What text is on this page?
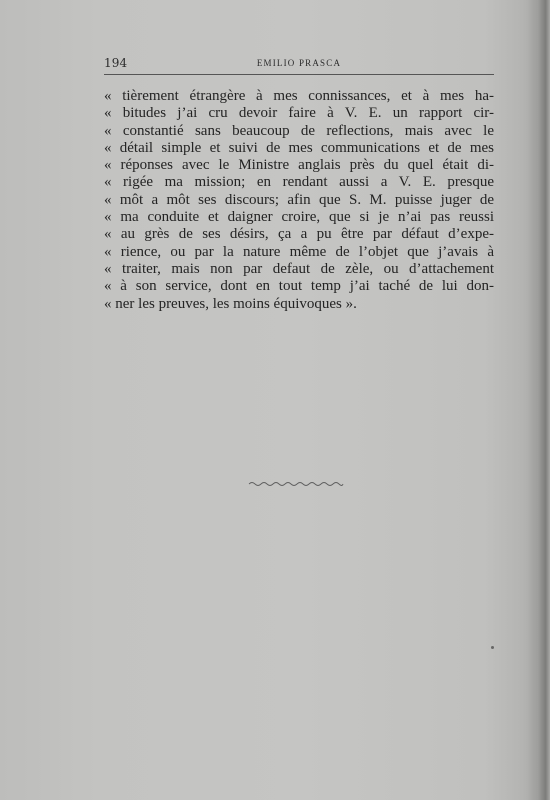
194	EMILIO PRASCA
« tièrement étrangère à mes connissances, et à mes ha-
« bitudes j’ai cru devoir faire à V. E. un rapport cir-
« constantié sans beaucoup de reflections, mais avec le
« détail simple et suivi de mes communications et de mes
« réponses avec le Ministre anglais près du quel était di-
« rigée ma mission; en rendant aussi a V. E. presque
« môt a môt ses discours; afin que S. M. puisse juger de
« ma conduite et daigner croire, que si je n’ai pas reussi
« au grès de ses désirs, ça a pu être par défaut d’expe-
« rience, ou par la nature même de l’objet que j’avais à
« traiter, mais non par defaut de zèle, ou d’attachement
« à son service, dont en tout temp j’ai taché de lui don-
« ner les preuves, les moins équivoques ».
